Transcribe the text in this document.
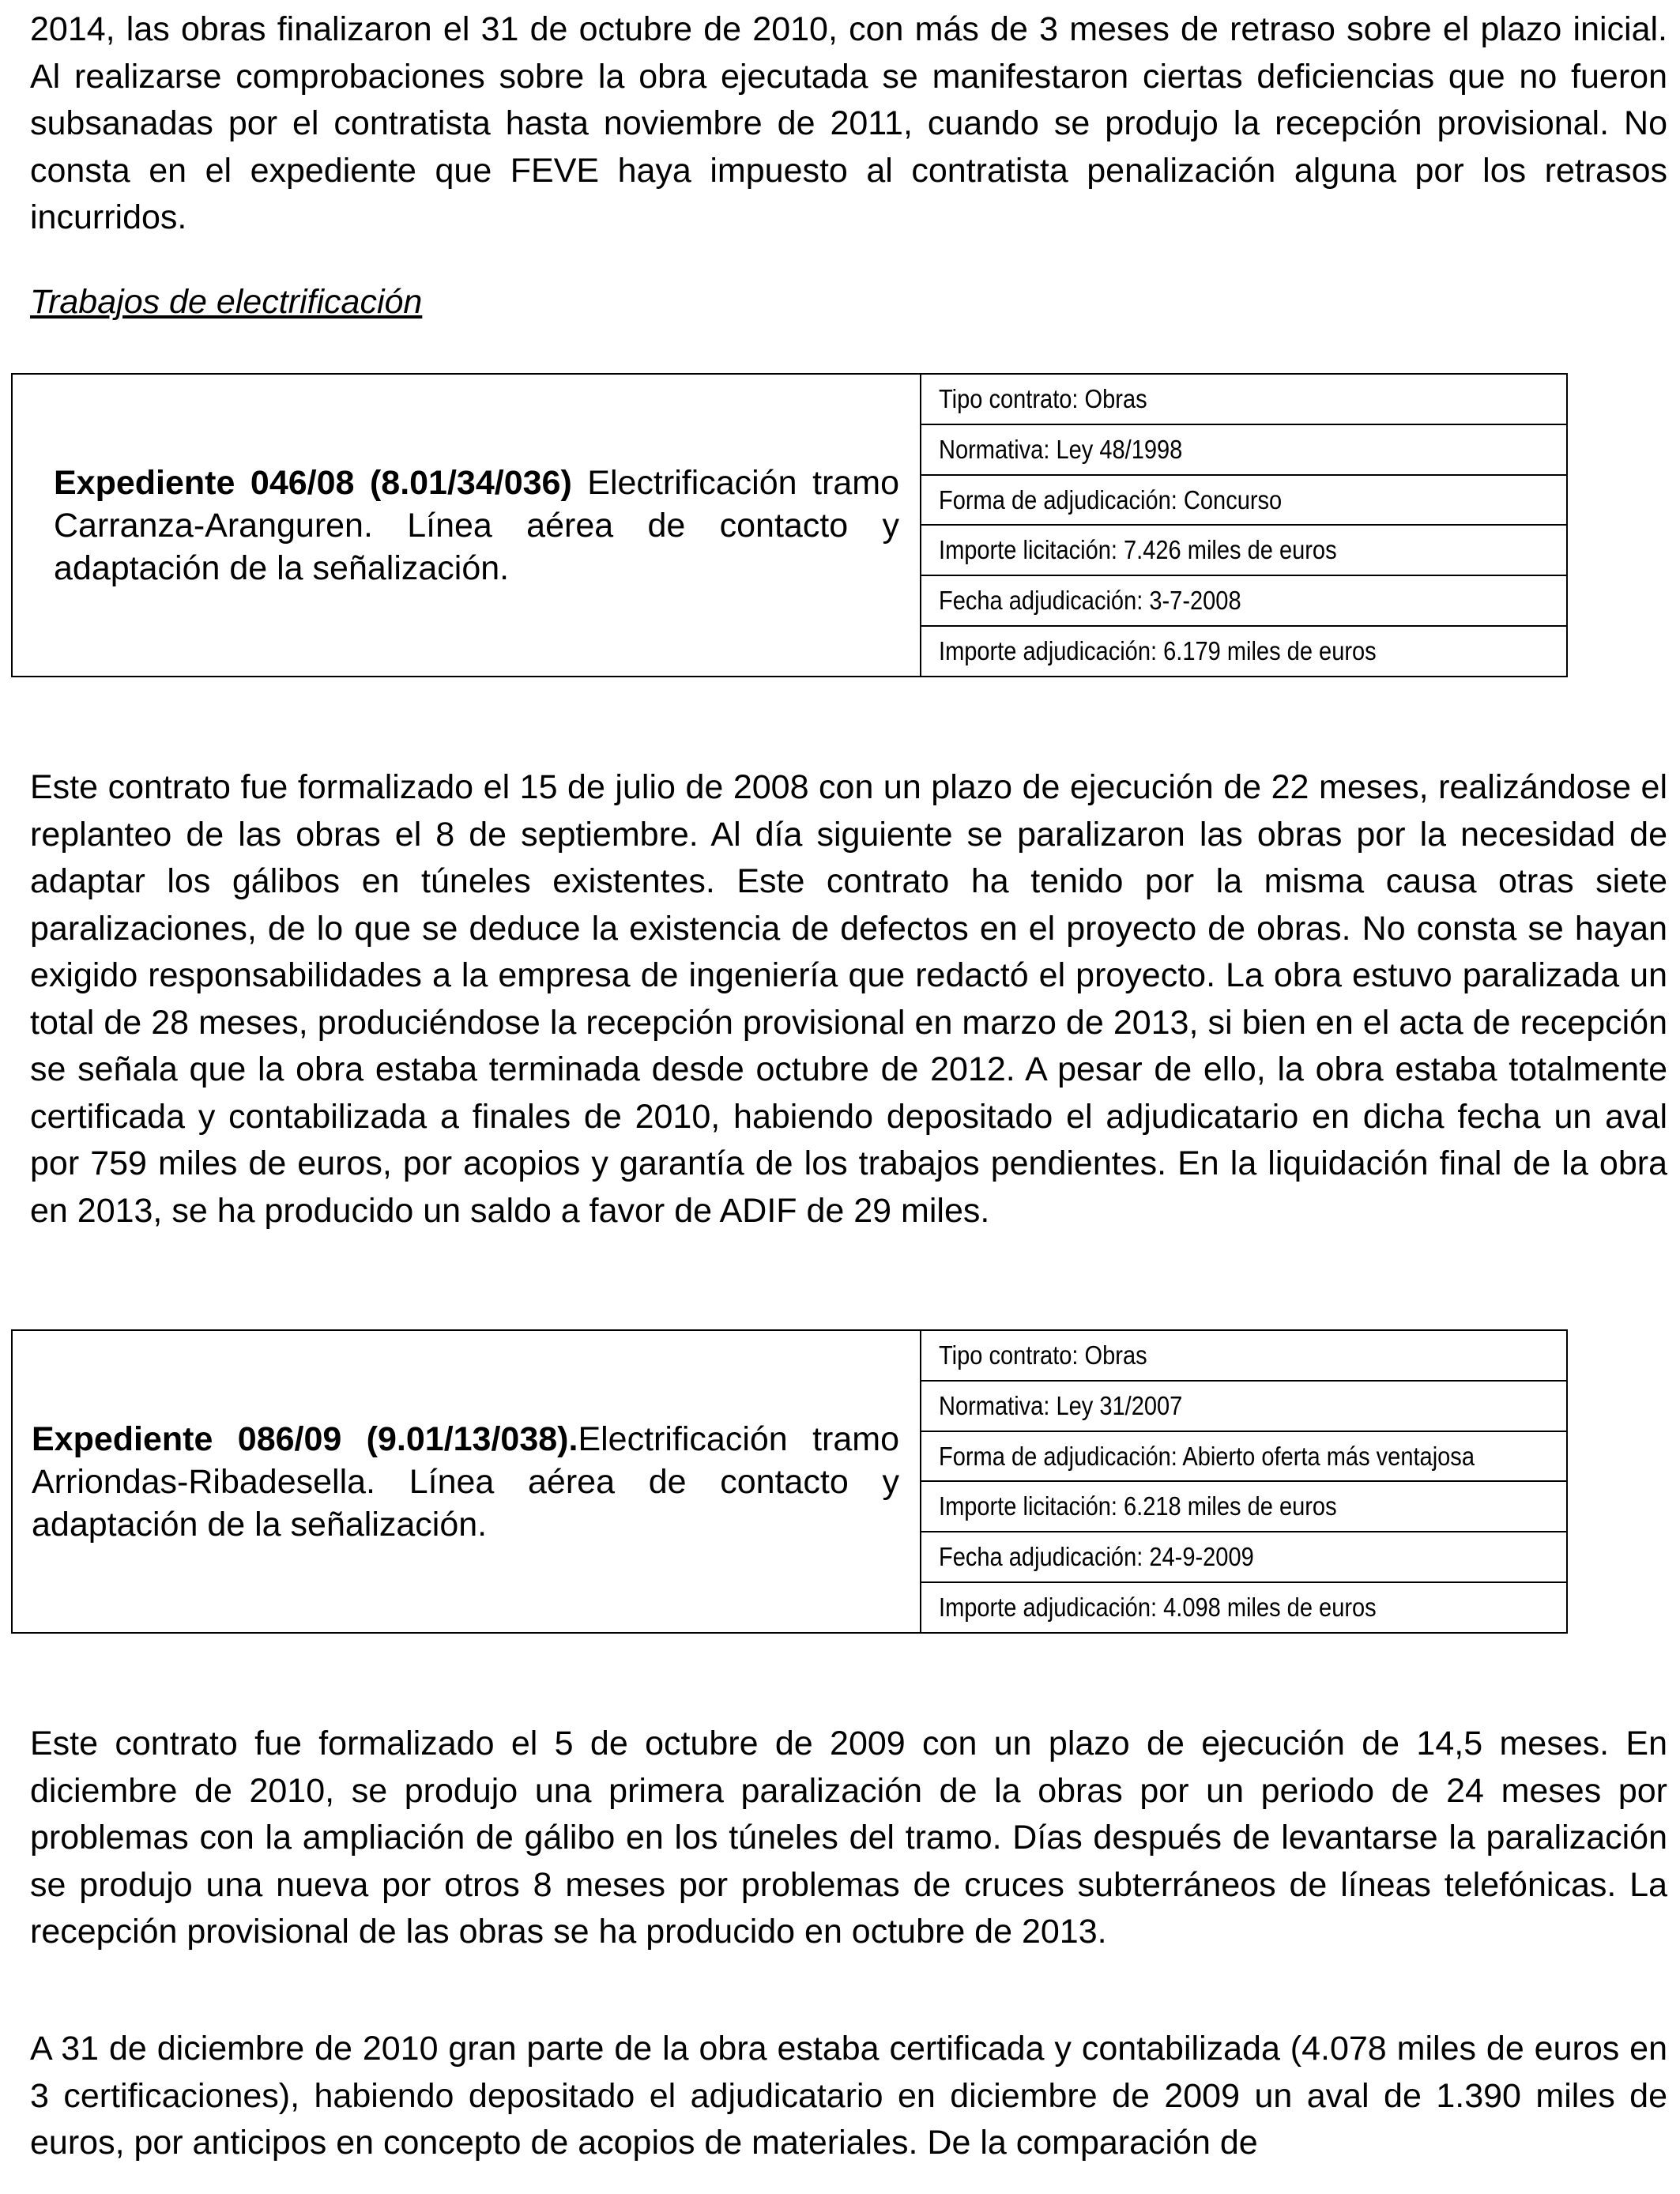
2014, las obras finalizaron el 31 de octubre de 2010, con más de 3 meses de retraso sobre el plazo inicial. Al realizarse comprobaciones sobre la obra ejecutada se manifestaron ciertas deficiencias que no fueron subsanadas por el contratista hasta noviembre de 2011, cuando se produjo la recepción provisional. No consta en el expediente que FEVE haya impuesto al contratista penalización alguna por los retrasos incurridos.

Trabajos de electrificación

Expediente 046/08 (8.01/34/036) Electrificación tramo Carranza-Aranguren. Línea aérea de contacto y adaptación de la señalización.

Tipo contrato: Obras
Normativa: Ley 48/1998
Forma de adjudicación: Concurso
Importe licitación: 7.426 miles de euros
Fecha adjudicación: 3-7-2008
Importe adjudicación: 6.179 miles de euros

Este contrato fue formalizado el 15 de julio de 2008 con un plazo de ejecución de 22 meses, realizándose el replanteo de las obras el 8 de septiembre. Al día siguiente se paralizaron las obras por la necesidad de adaptar los gálibos en túneles existentes. Este contrato ha tenido por la misma causa otras siete paralizaciones, de lo que se deduce la existencia de defectos en el proyecto de obras. No consta se hayan exigido responsabilidades a la empresa de ingeniería que redactó el proyecto. La obra estuvo paralizada un total de 28 meses, produciéndose la recepción provisional en marzo de 2013, si bien en el acta de recepción se señala que la obra estaba terminada desde octubre de 2012. A pesar de ello, la obra estaba totalmente certificada y contabilizada a finales de 2010, habiendo depositado el adjudicatario en dicha fecha un aval por 759 miles de euros, por acopios y garantía de los trabajos pendientes. En la liquidación final de la obra en 2013, se ha producido un saldo a favor de ADIF de 29 miles.

Expediente 086/09 (9.01/13/038).Electrificación tramo Arriondas-Ribadesella. Línea aérea de contacto y adaptación de la señalización.

Tipo contrato: Obras
Normativa: Ley 31/2007
Forma de adjudicación: Abierto oferta más ventajosa
Importe licitación: 6.218 miles de euros
Fecha adjudicación: 24-9-2009
Importe adjudicación: 4.098 miles de euros

Este contrato fue formalizado el 5 de octubre de 2009 con un plazo de ejecución de 14,5 meses. En diciembre de 2010, se produjo una primera paralización de la obras por un periodo de 24 meses por problemas con la ampliación de gálibo en los túneles del tramo. Días después de levantarse la paralización se produjo una nueva por otros 8 meses por problemas de cruces subterráneos de líneas telefónicas. La recepción provisional de las obras se ha producido en octubre de 2013.

A 31 de diciembre de 2010 gran parte de la obra estaba certificada y contabilizada (4.078 miles de euros en 3 certificaciones), habiendo depositado el adjudicatario en diciembre de 2009 un aval de 1.390 miles de euros, por anticipos en concepto de acopios de materiales. De la comparación de
